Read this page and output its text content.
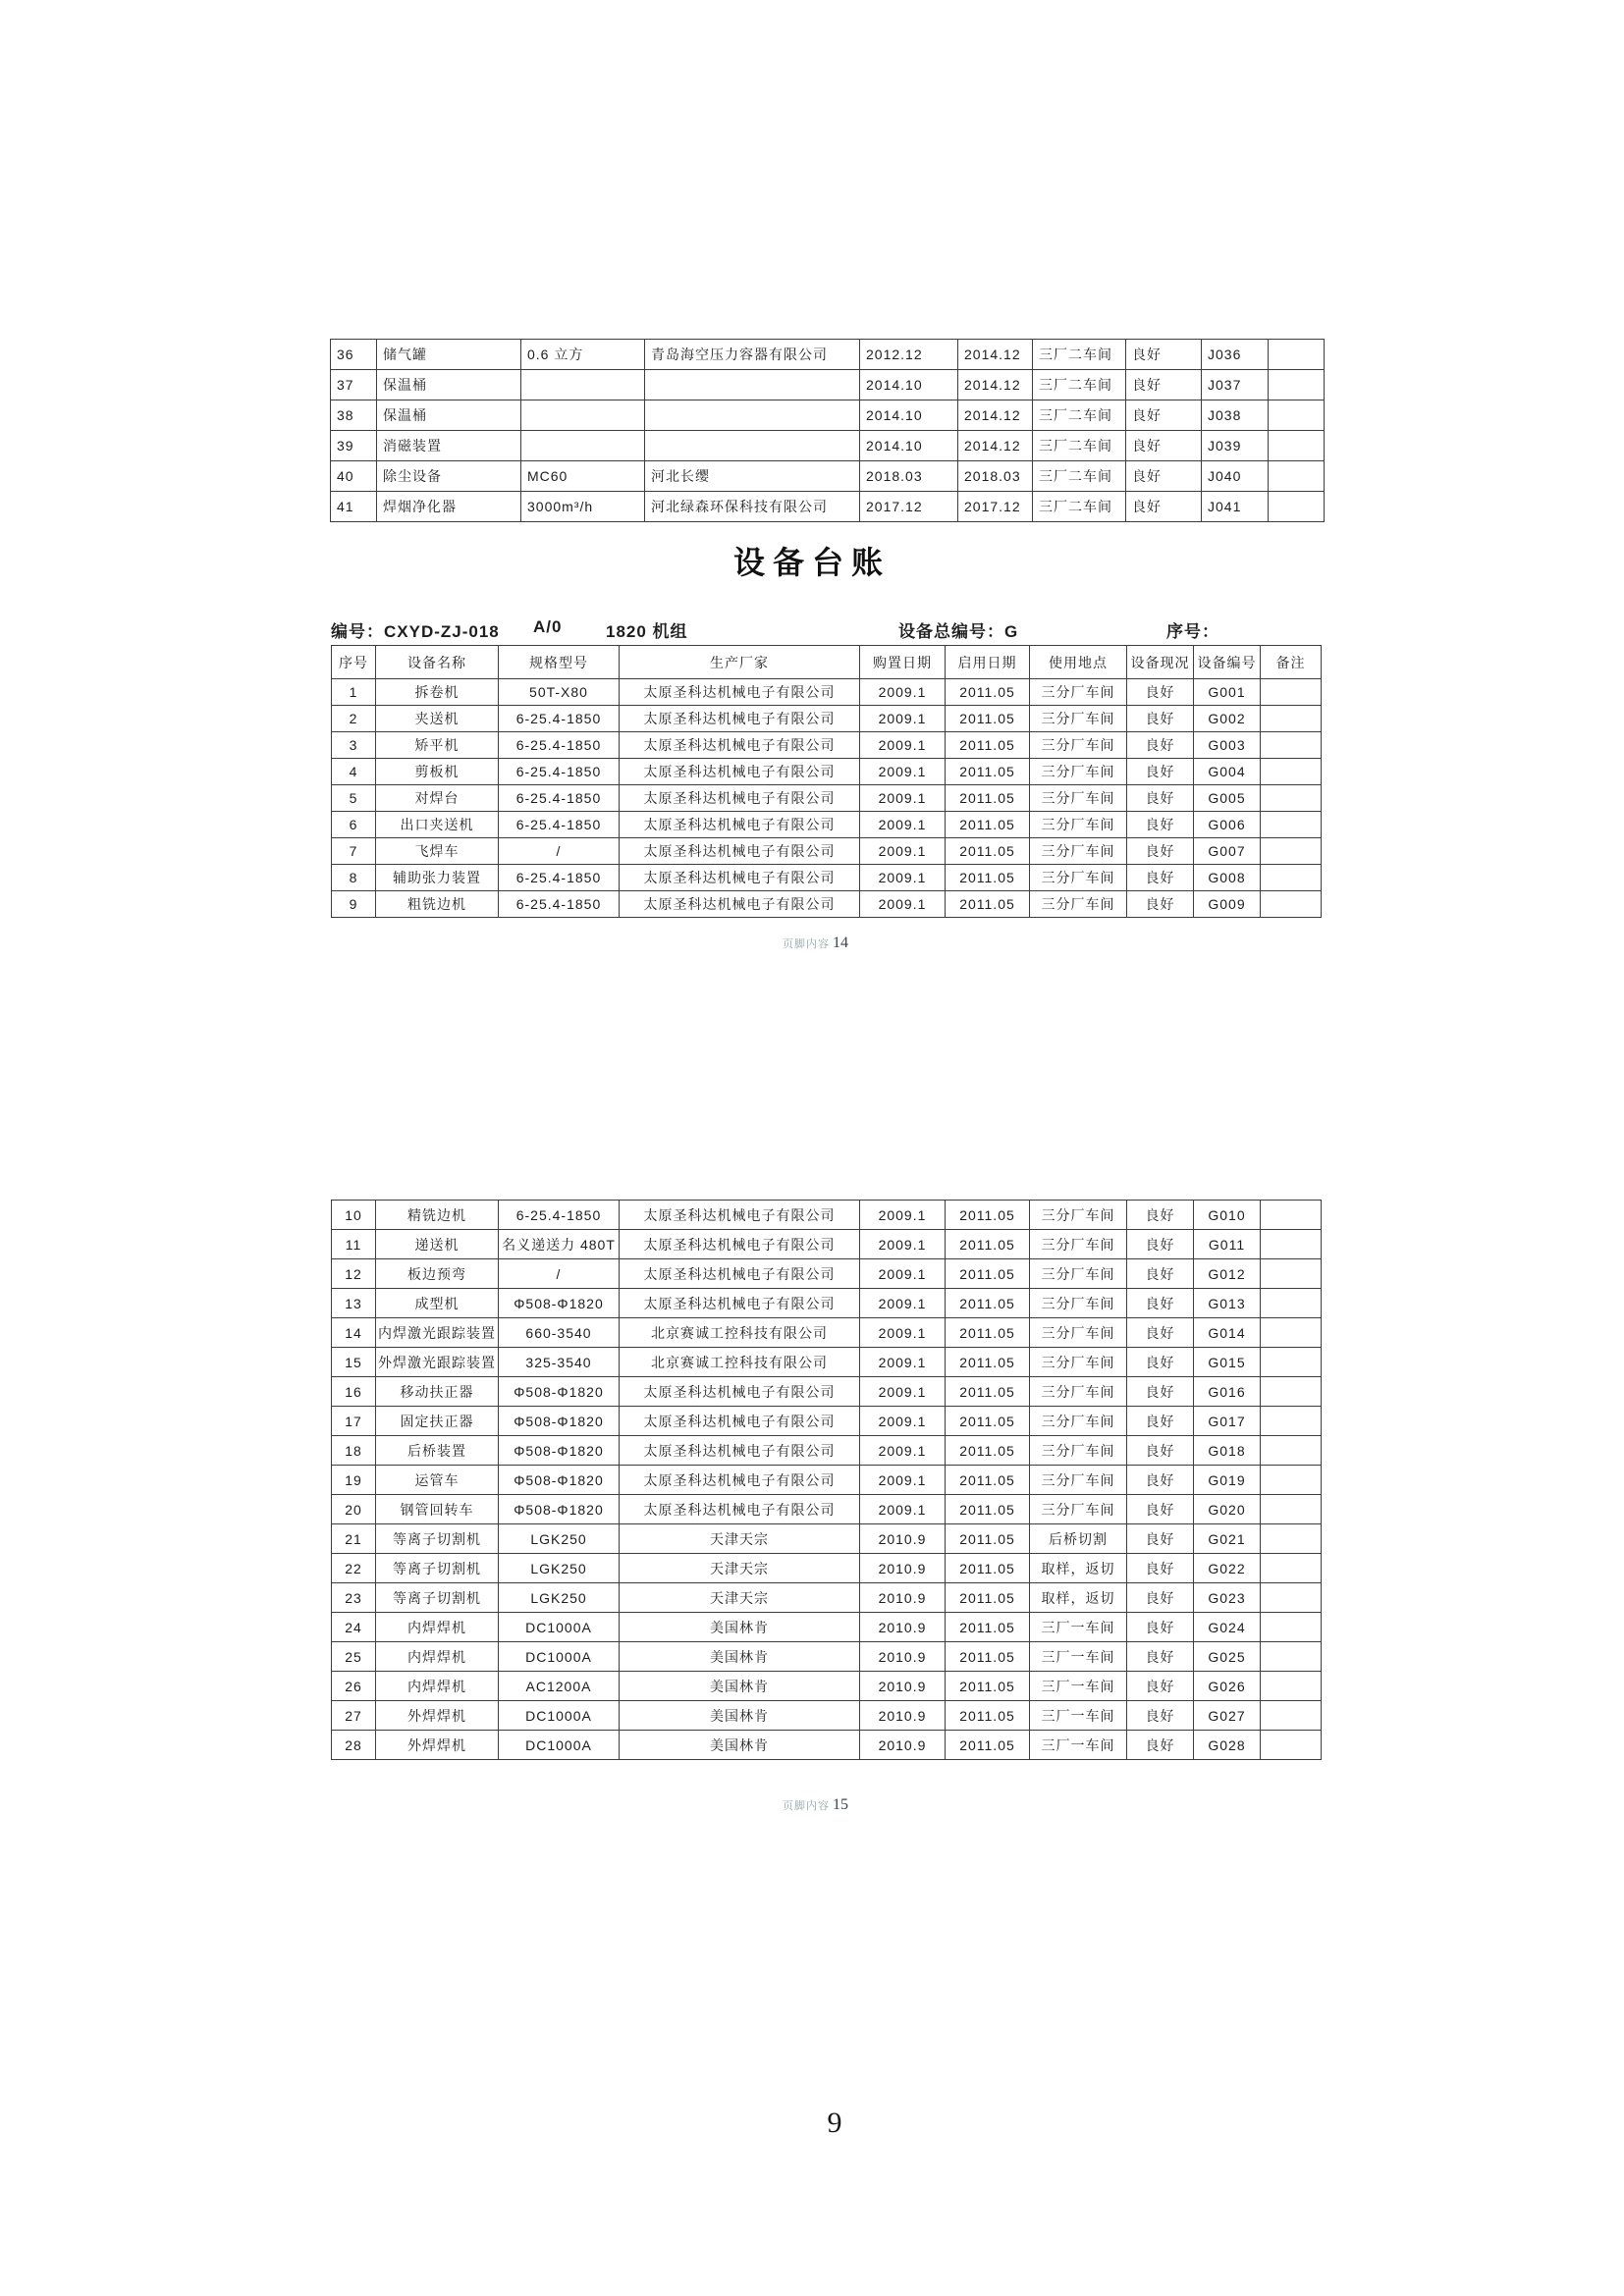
36	储气罐	0.6 立方	青岛海空压力容器有限公司	2012.12	2014.12	三厂二车间	良好	J036	
37	保温桶			2014.10	2014.12	三厂二车间	良好	J037	
38	保温桶			2014.10	2014.12	三厂二车间	良好	J038	
39	消磁装置			2014.10	2014.12	三厂二车间	良好	J039	
40	除尘设备	MC60	河北长缨	2018.03	2018.03	三厂二车间	良好	J040	
41	焊烟净化器	3000m³/h	河北绿森环保科技有限公司	2017.12	2017.12	三厂二车间	良好	J041	
设备台账
编号：CXYD-ZJ-018 A/0	1820 机组	设备总编号：G	序号：
序号	设备名称	规格型号	生产厂家	购置日期	启用日期	使用地点	设备现况	设备编号	备注
1	拆卷机	50T-X80	太原圣科达机械电子有限公司	2009.1	2011.05	三分厂车间	良好	G001	
2	夹送机	6-25.4-1850	太原圣科达机械电子有限公司	2009.1	2011.05	三分厂车间	良好	G002	
3	矫平机	6-25.4-1850	太原圣科达机械电子有限公司	2009.1	2011.05	三分厂车间	良好	G003	
4	剪板机	6-25.4-1850	太原圣科达机械电子有限公司	2009.1	2011.05	三分厂车间	良好	G004	
5	对焊台	6-25.4-1850	太原圣科达机械电子有限公司	2009.1	2011.05	三分厂车间	良好	G005	
6	出口夹送机	6-25.4-1850	太原圣科达机械电子有限公司	2009.1	2011.05	三分厂车间	良好	G006	
7	飞焊车	/	太原圣科达机械电子有限公司	2009.1	2011.05	三分厂车间	良好	G007	
8	辅助张力装置	6-25.4-1850	太原圣科达机械电子有限公司	2009.1	2011.05	三分厂车间	良好	G008	
9	粗铣边机	6-25.4-1850	太原圣科达机械电子有限公司	2009.1	2011.05	三分厂车间	良好	G009	
页脚内容 14
10	精铣边机	6-25.4-1850	太原圣科达机械电子有限公司	2009.1	2011.05	三分厂车间	良好	G010	
11	递送机	名义递送力 480T	太原圣科达机械电子有限公司	2009.1	2011.05	三分厂车间	良好	G011	
12	板边预弯	/	太原圣科达机械电子有限公司	2009.1	2011.05	三分厂车间	良好	G012	
13	成型机	Φ508-Φ1820	太原圣科达机械电子有限公司	2009.1	2011.05	三分厂车间	良好	G013	
14	内焊激光跟踪装置	660-3540	北京赛诚工控科技有限公司	2009.1	2011.05	三分厂车间	良好	G014	
15	外焊激光跟踪装置	325-3540	北京赛诚工控科技有限公司	2009.1	2011.05	三分厂车间	良好	G015	
16	移动扶正器	Φ508-Φ1820	太原圣科达机械电子有限公司	2009.1	2011.05	三分厂车间	良好	G016	
17	固定扶正器	Φ508-Φ1820	太原圣科达机械电子有限公司	2009.1	2011.05	三分厂车间	良好	G017	
18	后桥装置	Φ508-Φ1820	太原圣科达机械电子有限公司	2009.1	2011.05	三分厂车间	良好	G018	
19	运管车	Φ508-Φ1820	太原圣科达机械电子有限公司	2009.1	2011.05	三分厂车间	良好	G019	
20	钢管回转车	Φ508-Φ1820	太原圣科达机械电子有限公司	2009.1	2011.05	三分厂车间	良好	G020	
21	等离子切割机	LGK250	天津天宗	2010.9	2011.05	后桥切割	良好	G021	
22	等离子切割机	LGK250	天津天宗	2010.9	2011.05	取样，返切	良好	G022	
23	等离子切割机	LGK250	天津天宗	2010.9	2011.05	取样，返切	良好	G023	
24	内焊焊机	DC1000A	美国林肯	2010.9	2011.05	三厂一车间	良好	G024	
25	内焊焊机	DC1000A	美国林肯	2010.9	2011.05	三厂一车间	良好	G025	
26	内焊焊机	AC1200A	美国林肯	2010.9	2011.05	三厂一车间	良好	G026	
27	外焊焊机	DC1000A	美国林肯	2010.9	2011.05	三厂一车间	良好	G027	
28	外焊焊机	DC1000A	美国林肯	2010.9	2011.05	三厂一车间	良好	G028	
页脚内容 15
9
